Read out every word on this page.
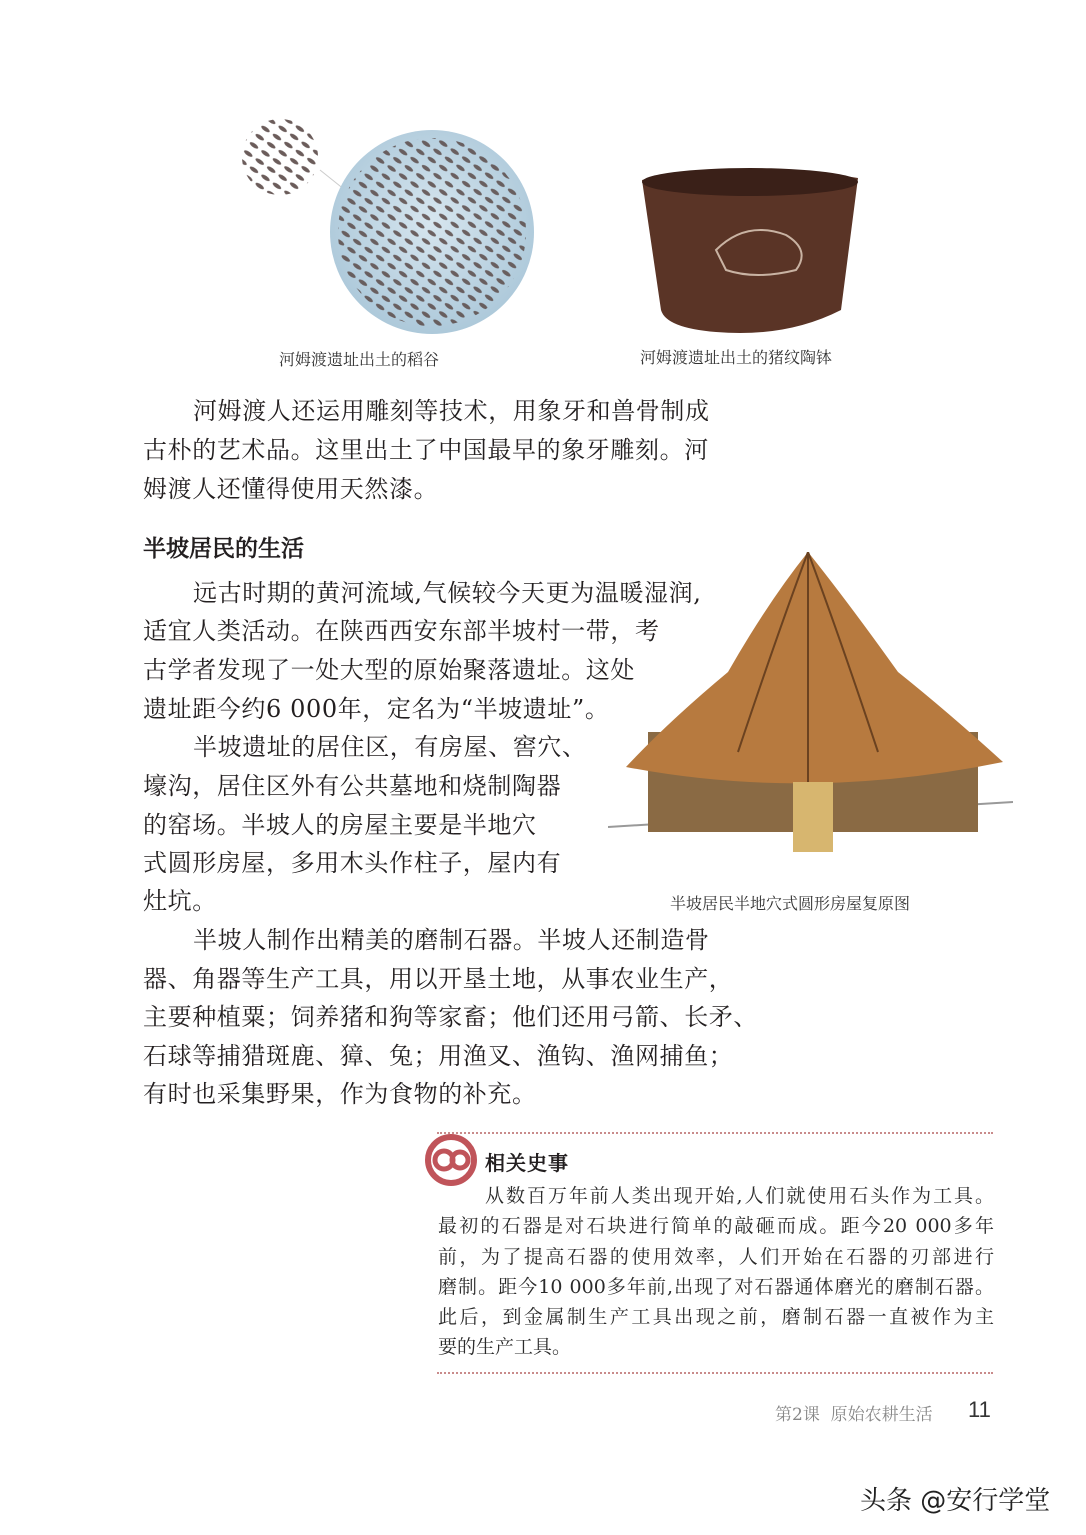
河姆渡遗址出土的稻谷	河姆渡遗址出土的猪纹陶钵
半坡居民半地穴式圆形房屋复原图
半坡居民的生活
河姆渡人还运用雕刻等技术，用象牙和兽骨制成
古朴的艺术品。这里出土了中国最早的象牙雕刻。河
姆渡人还懂得使用天然漆。
远古时期的黄河流域,气候较今天更为温暖湿润,
适宜人类活动。在陕西西安东部半坡村一带，考
古学者发现了一处大型的原始聚落遗址。这处
遗址距今约6 000年，定名为“半坡遗址”。
半坡遗址的居住区，有房屋、窖穴、
壕沟，居住区外有公共墓地和烧制陶器
的窑场。半坡人的房屋主要是半地穴
式圆形房屋，多用木头作柱子，屋内有
灶坑。
半坡人制作出精美的磨制石器。半坡人还制造骨
器、角器等生产工具，用以开垦土地，从事农业生产，
主要种植粟；饲养猪和狗等家畜；他们还用弓箭、长矛、
石球等捕猎斑鹿、獐、兔；用渔叉、渔钩、渔网捕鱼；
有时也采集野果，作为食物的补充。
相关史事
从数百万年前人类出现开始,人们就使用石头作为工具。
最初的石器是对石块进行简单的敲砸而成。距今20 000多年
前，为了提高石器的使用效率，人们开始在石器的刃部进行
磨制。距今10 000多年前,出现了对石器通体磨光的磨制石器。
此后，到金属制生产工具出现之前，磨制石器一直被作为主
要的生产工具。
第2课  原始农耕生活 11
头条 @安行学堂
